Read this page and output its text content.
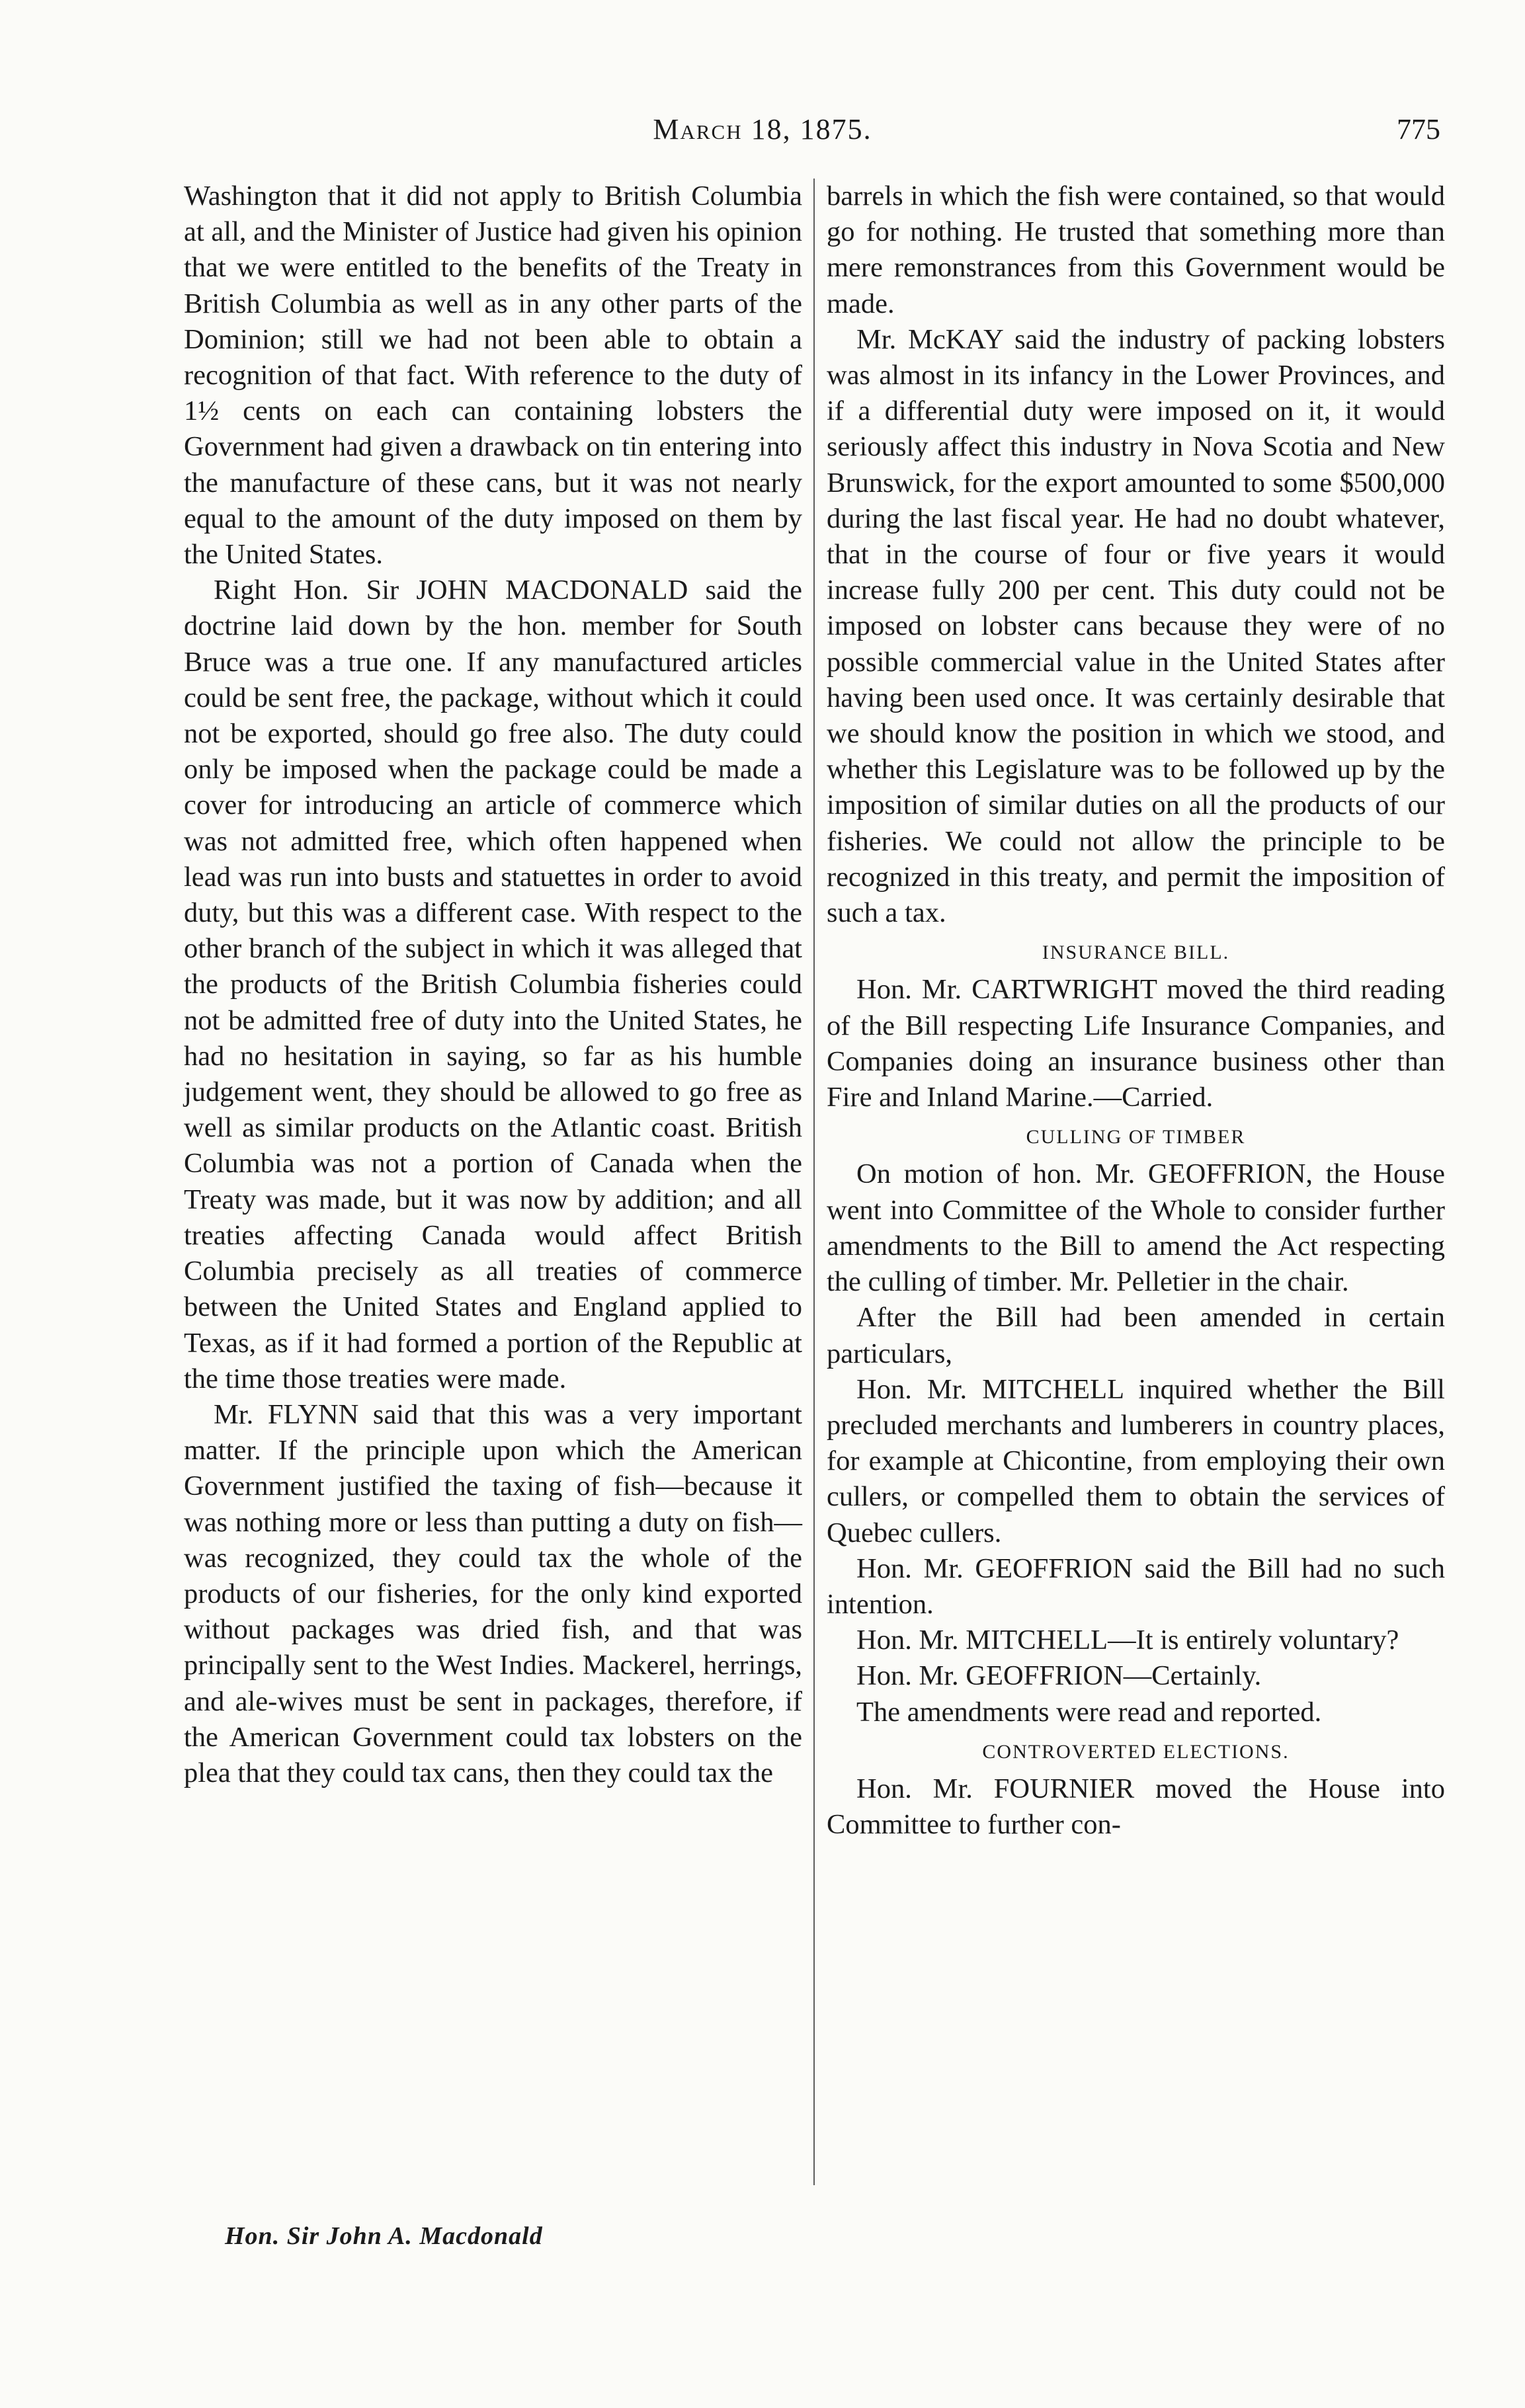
March 18, 1875.	775

Washington that it did not apply to British Columbia at all, and the Minister of Justice had given his opinion that we were entitled to the benefits of the Treaty in British Columbia as well as in any other parts of the Dominion; still we had not been able to obtain a recognition of that fact. With reference to the duty of 1½ cents on each can containing lobsters the Government had given a drawback on tin entering into the manufacture of these cans, but it was not nearly equal to the amount of the duty imposed on them by the United States.

Right Hon. Sir JOHN MACDONALD said the doctrine laid down by the hon. member for South Bruce was a true one. If any manufactured articles could be sent free, the package, without which it could not be exported, should go free also. The duty could only be imposed when the package could be made a cover for introducing an article of commerce which was not admitted free, which often happened when lead was run into busts and statuettes in order to avoid duty, but this was a different case. With respect to the other branch of the subject in which it was alleged that the products of the British Columbia fisheries could not be admitted free of duty into the United States, he had no hesitation in saying, so far as his humble judgement went, they should be allowed to go free as well as similar products on the Atlantic coast. British Columbia was not a portion of Canada when the Treaty was made, but it was now by addition; and all treaties affecting Canada would affect British Columbia precisely as all treaties of commerce between the United States and England applied to Texas, as if it had formed a portion of the Republic at the time those treaties were made.

Mr. FLYNN said that this was a very important matter. If the principle upon which the American Government justified the taxing of fish—because it was nothing more or less than putting a duty on fish—was recognized, they could tax the whole of the products of our fisheries, for the only kind exported without packages was dried fish, and that was principally sent to the West Indies. Mackerel, herrings, and ale-wives must be sent in packages, therefore, if the American Government could tax lobsters on the plea that they could tax cans, then they could tax the

barrels in which the fish were contained, so that would go for nothing. He trusted that something more than mere remonstrances from this Government would be made.

Mr. McKAY said the industry of packing lobsters was almost in its infancy in the Lower Provinces, and if a differential duty were imposed on it, it would seriously affect this industry in Nova Scotia and New Brunswick, for the export amounted to some $500,000 during the last fiscal year. He had no doubt whatever, that in the course of four or five years it would increase fully 200 per cent. This duty could not be imposed on lobster cans because they were of no possible commercial value in the United States after having been used once. It was certainly desirable that we should know the position in which we stood, and whether this Legislature was to be followed up by the imposition of similar duties on all the products of our fisheries. We could not allow the principle to be recognized in this treaty, and permit the imposition of such a tax.

INSURANCE BILL.

Hon. Mr. CARTWRIGHT moved the third reading of the Bill respecting Life Insurance Companies, and Companies doing an insurance business other than Fire and Inland Marine.—Carried.

CULLING OF TIMBER

On motion of hon. Mr. GEOFFRION, the House went into Committee of the Whole to consider further amendments to the Bill to amend the Act respecting the culling of timber. Mr. Pelletier in the chair.

After the Bill had been amended in certain particulars,

Hon. Mr. MITCHELL inquired whether the Bill precluded merchants and lumberers in country places, for example at Chicontine, from employing their own cullers, or compelled them to obtain the services of Quebec cullers.

Hon. Mr. GEOFFRION said the Bill had no such intention.

Hon. Mr. MITCHELL—It is entirely voluntary?

Hon. Mr. GEOFFRION—Certainly.

The amendments were read and reported.

CONTROVERTED ELECTIONS.

Hon. Mr. FOURNIER moved the House into Committee to further con-

Hon. Sir John A. Macdonald
